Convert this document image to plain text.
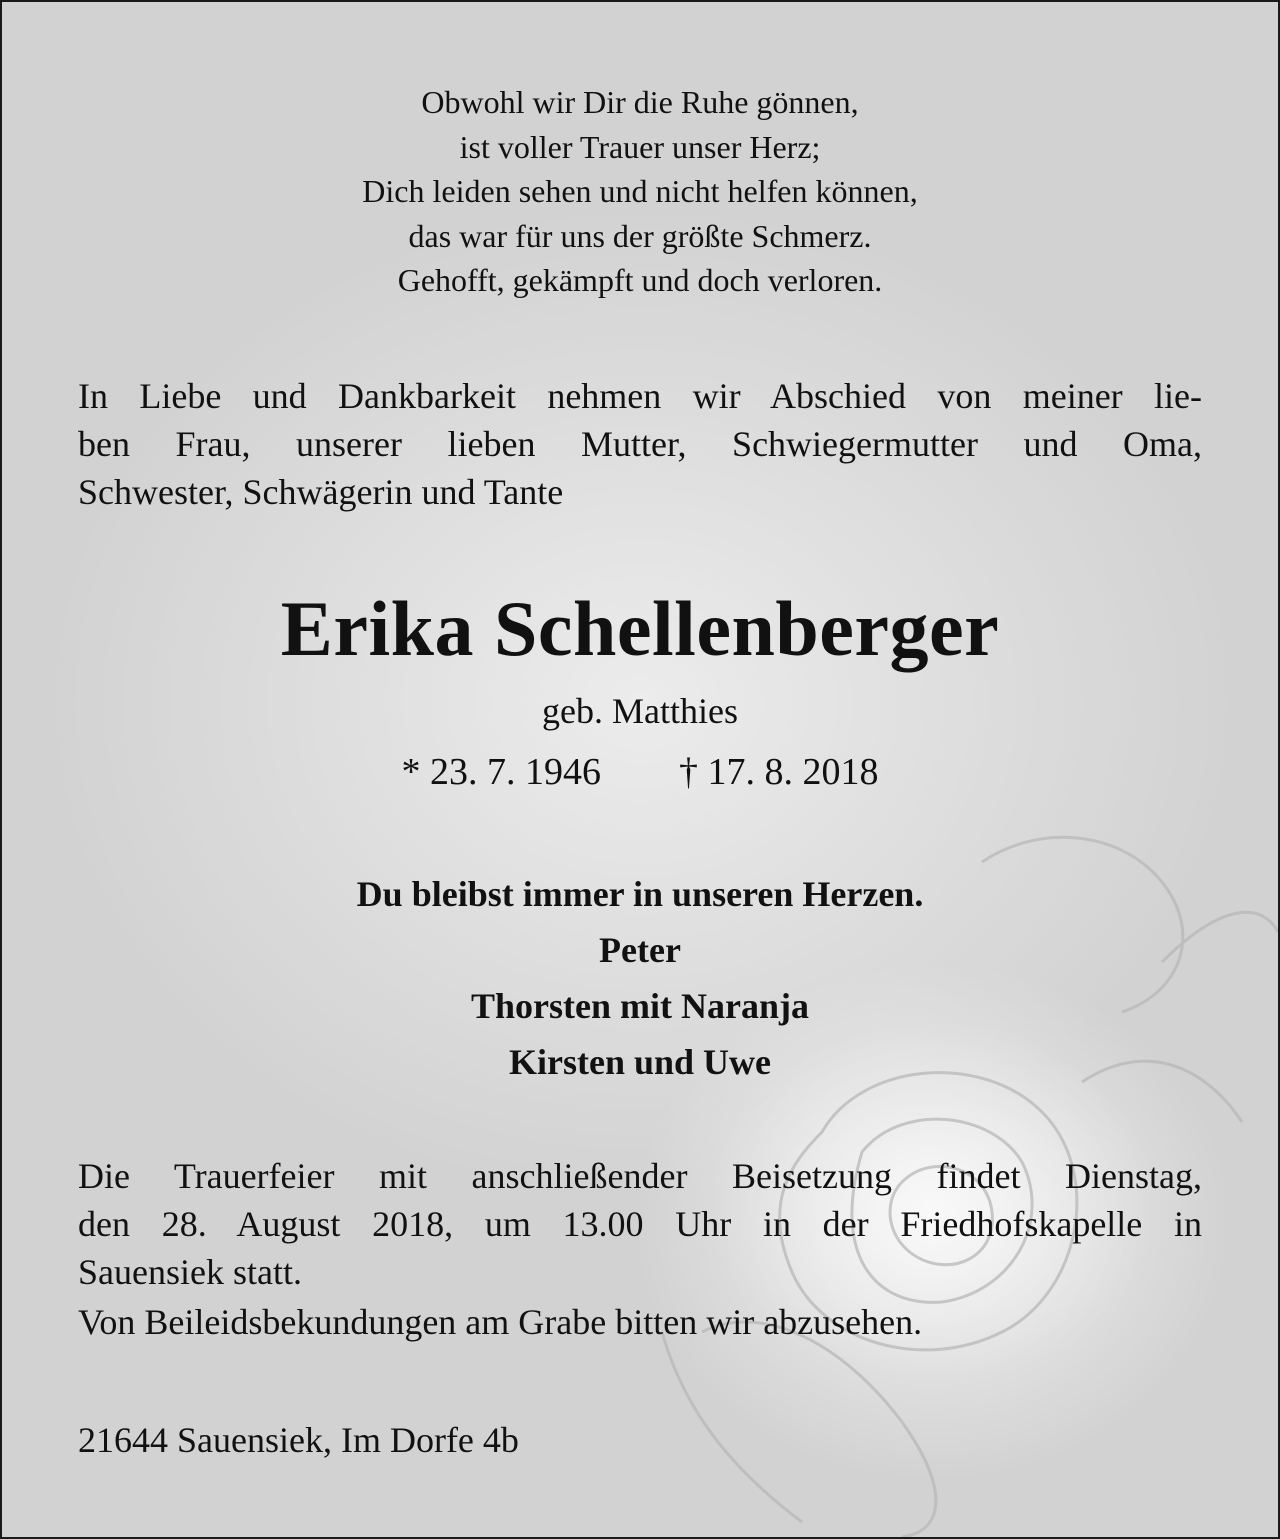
Obwohl wir Dir die Ruhe gönnen,
ist voller Trauer unser Herz;
Dich leiden sehen und nicht helfen können,
das war für uns der größte Schmerz.
Gehofft, gekämpft und doch verloren.
In Liebe und Dankbarkeit nehmen wir Abschied von meiner lie-
ben Frau, unserer lieben Mutter, Schwiegermutter und Oma,
Schwester, Schwägerin und Tante
Erika Schellenberger
geb. Matthies
* 23. 7. 1946 † 17. 8. 2018
Du bleibst immer in unseren Herzen.
Peter
Thorsten mit Naranja
Kirsten und Uwe
Die Trauerfeier mit anschließender Beisetzung findet Dienstag,
den 28. August 2018, um 13.00 Uhr in der Friedhofskapelle in
Sauensiek statt.
Von Beileidsbekundungen am Grabe bitten wir abzusehen.
21644 Sauensiek, Im Dorfe 4b
